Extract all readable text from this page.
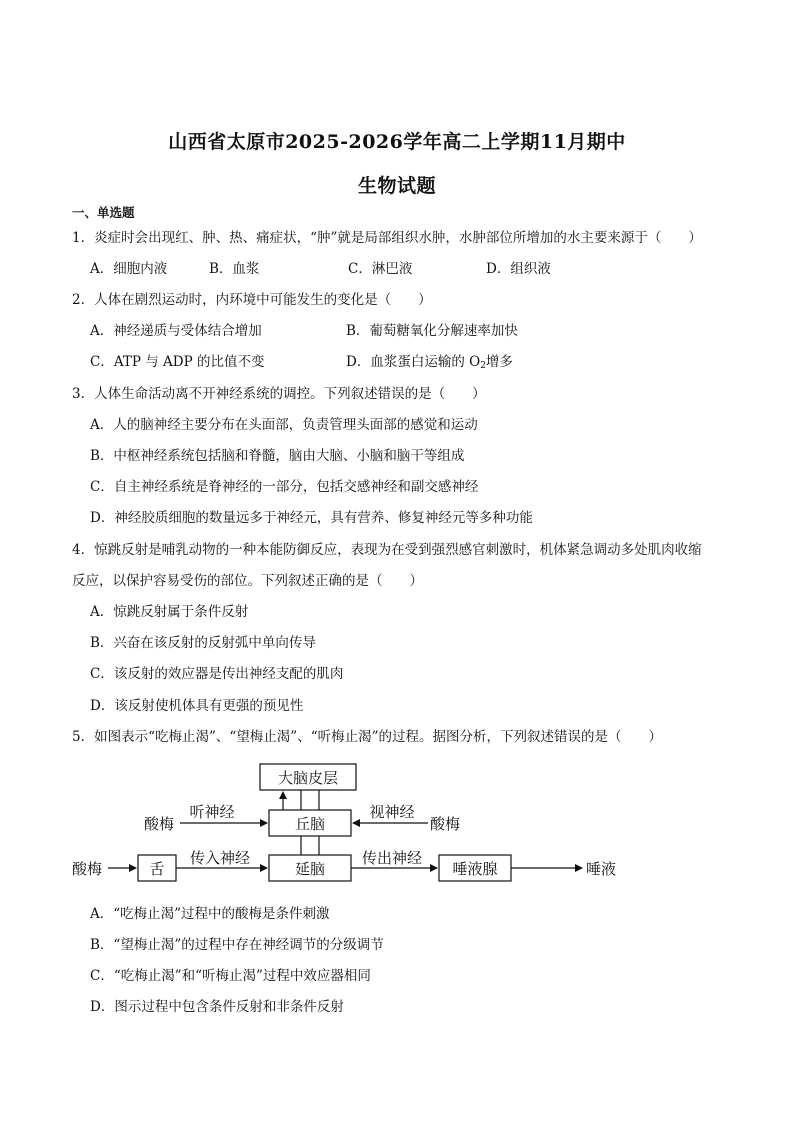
山西省太原市2025-2026学年高二上学期11月期中
生物试题
一、单选题
1．炎症时会出现红、肿、热、痛症状，“肿”就是局部组织水肿，水肿部位所增加的水主要来源于（　　）
A．细胞内液	B．血浆	C．淋巴液	D．组织液
2．人体在剧烈运动时，内环境中可能发生的变化是（　　）
A．神经递质与受体结合增加	B．葡萄糖氧化分解速率加快
C．ATP 与 ADP 的比值不变	D．血浆蛋白运输的 $O_2$增多
3．人体生命活动离不开神经系统的调控。下列叙述错误的是（　　）
A．人的脑神经主要分布在头面部，负责管理头面部的感觉和运动
B．中枢神经系统包括脑和脊髓，脑由大脑、小脑和脑干等组成
C．自主神经系统是脊神经的一部分，包括交感神经和副交感神经
D．神经胶质细胞的数量远多于神经元，具有营养、修复神经元等多种功能
4．惊跳反射是哺乳动物的一种本能防御反应，表现为在受到强烈感官刺激时，机体紧急调动多处肌肉收缩
反应，以保护容易受伤的部位。下列叙述正确的是（　　）
A．惊跳反射属于条件反射
B．兴奋在该反射的反射弧中单向传导
C．该反射的效应器是传出神经支配的肌肉
D．该反射使机体具有更强的预见性
5．如图表示“吃梅止渴”、“望梅止渴”、“听梅止渴”的过程。据图分析，下列叙述错误的是（　　）
大脑皮层
丘脑
延脑
舌	唾液腺
酸梅	酸梅
酸梅	唾液
听神经	视神经
传入神经	传出神经
A．“吃梅止渴”过程中的酸梅是条件刺激
B．“望梅止渴”的过程中存在神经调节的分级调节
C．“吃梅止渴”和“听梅止渴”过程中效应器相同
D．图示过程中包含条件反射和非条件反射
